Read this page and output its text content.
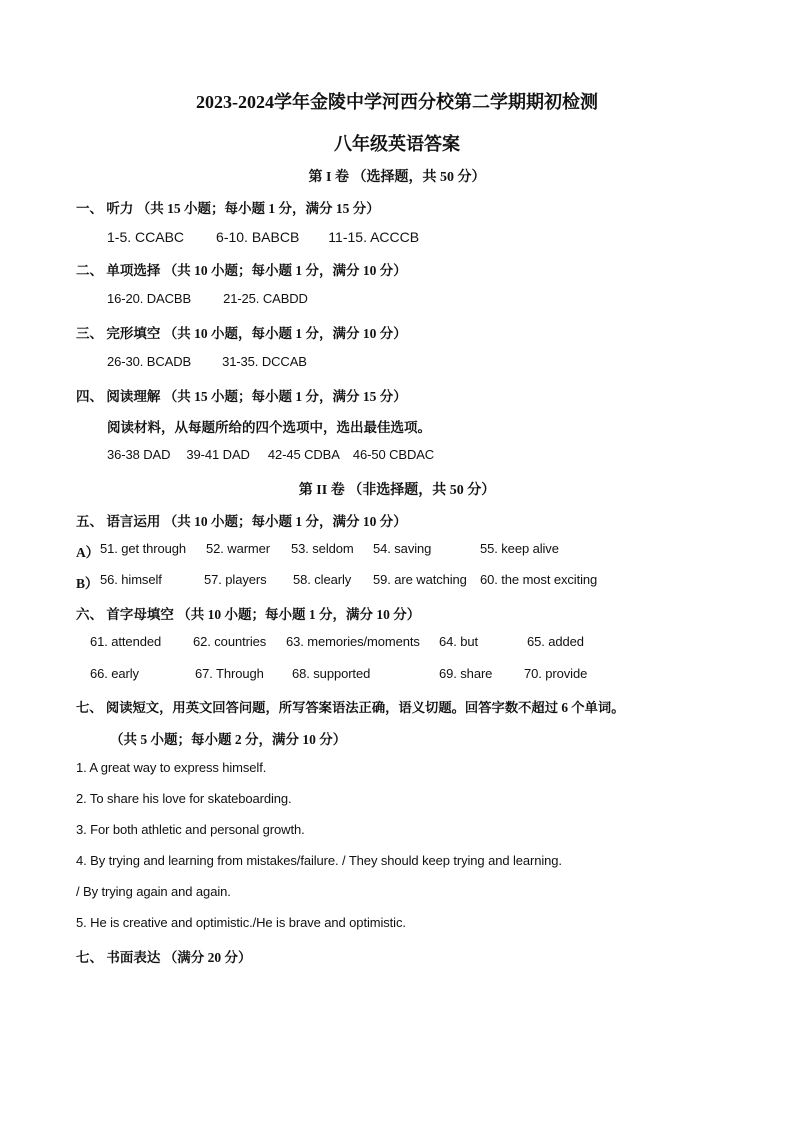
2023-2024学年金陵中学河西分校第二学期期初检测
八年级英语答案
第 I 卷 （选择题，共 50 分）
一、 听力 （共 15 小题；每小题 1 分，满分 15 分）
1-5. CCABC 6-10. BABCB 11-15. ACCCB
二、 单项选择 （共 10 小题；每小题 1 分，满分 10 分）
16-20. DACBB 21-25. CABDD
三、 完形填空 （共 10 小题，每小题 1 分，满分 10 分）
26-30. BCADB 31-35. DCCAB
四、 阅读理解 （共 15 小题；每小题 1 分，满分 15 分）
阅读材料，从每题所给的四个选项中，选出最佳选项。
36-38 DAD 39-41 DAD 42-45 CDBA 46-50 CBDAC
第 II 卷 （非选择题，共 50 分）
五、 语言运用 （共 10 小题；每小题 1 分，满分 10 分）
A） 51. get through 52. warmer 53. seldom 54. saving	55. keep alive
B） 56. himself	57. players 58. clearly 59. are watching 60. the most exciting
六、 首字母填空 （共 10 小题；每小题 1 分，满分 10 分）
61. attended 62. countries 63. memories/moments 64. but	65. added
66. early	67. Through 68. supported	69. share 70. provide
七、 阅读短文，用英文回答问题，所写答案语法正确，语义切题。回答字数不超过 6 个单词。
（共 5 小题；每小题 2 分，满分 10 分）
1. A great way to express himself.
2. To share his love for skateboarding.
3. For both athletic and personal growth.
4. By trying and learning from mistakes/failure. / They should keep trying and learning.
/ By trying again and again.
5. He is creative and optimistic./He is brave and optimistic.
七、 书面表达 （满分 20 分）
